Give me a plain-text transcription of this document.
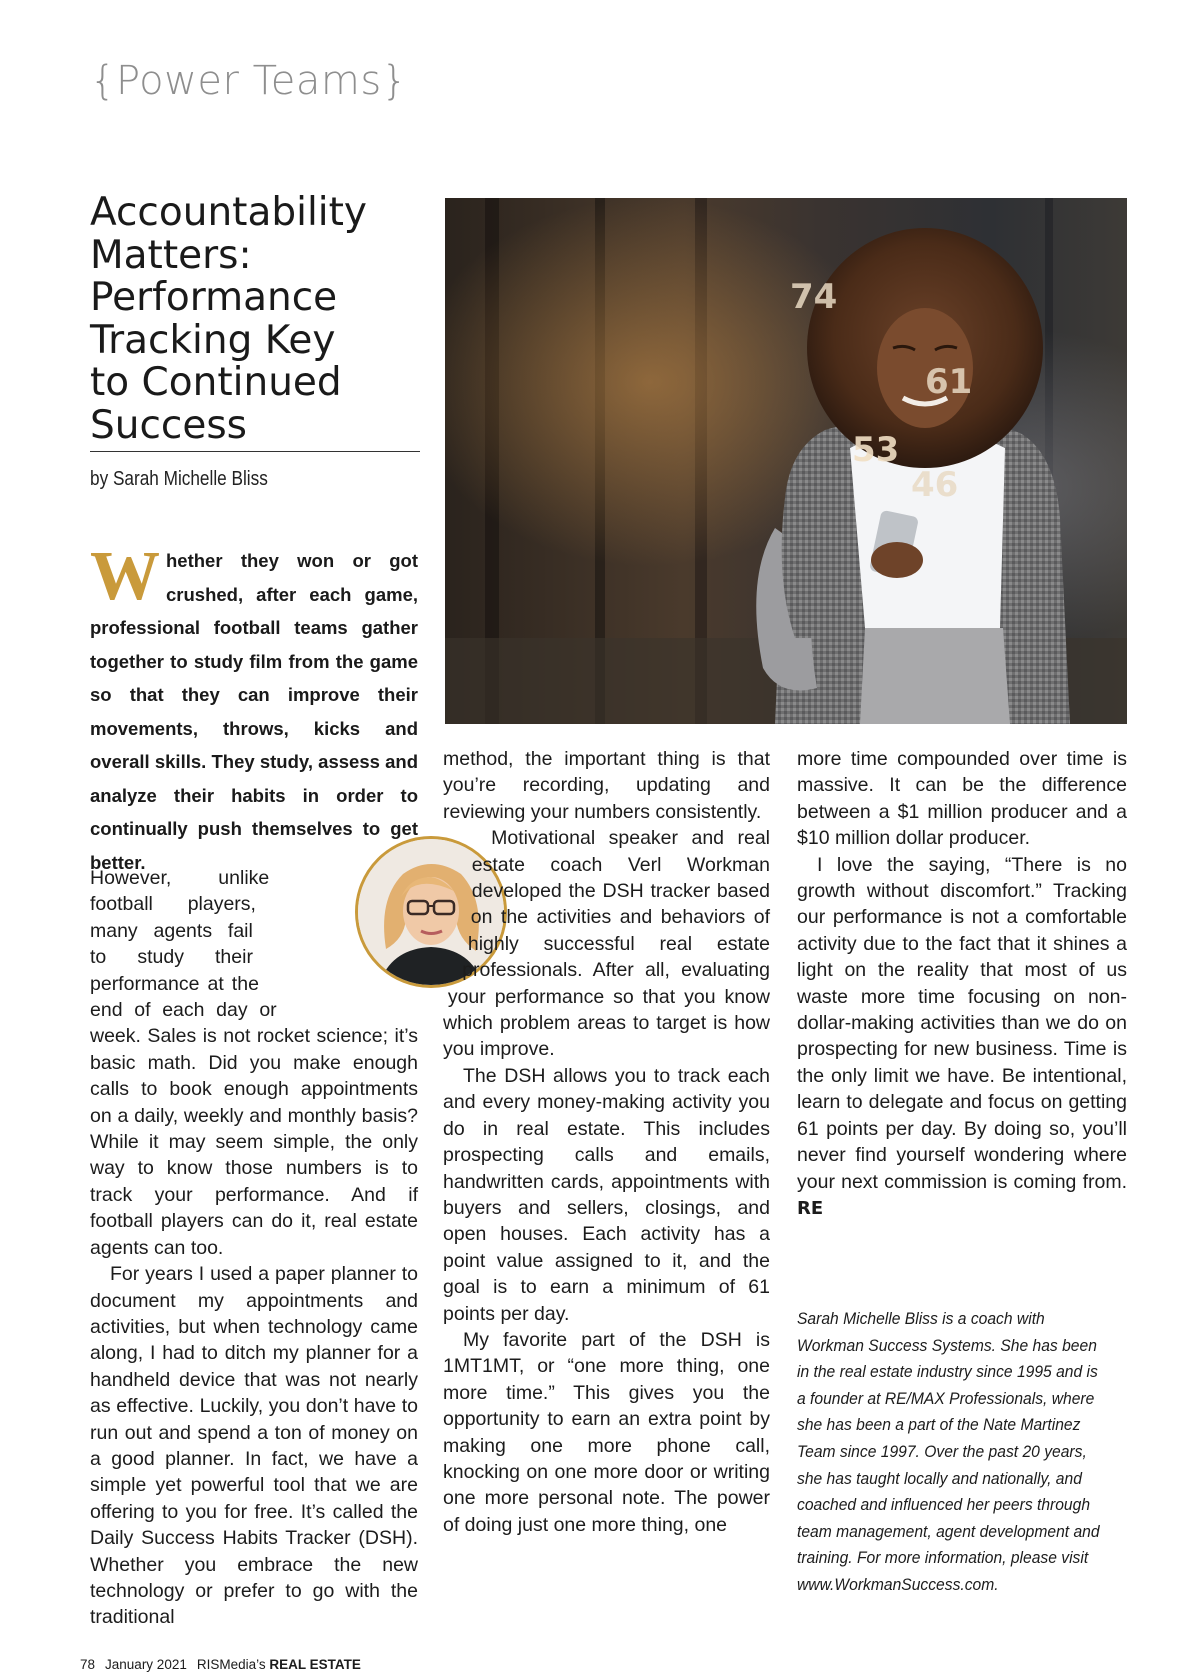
{Power Teams}
Accountability
Matters:
Performance
Tracking Key
to Continued
Success
by Sarah Michelle Bliss

Whether they won or got crushed, after each game, professional football teams gather together to study film from the game so that they can improve their movements, throws, kicks and overall skills. They study, assess and analyze their habits in order to continually push themselves to get better.

74
61
53
46

However, unlike football players, many agents fail to study their performance at the end of each day or week. Sales is not rocket science; it’s basic math. Did you make enough calls to book enough appointments on a daily, weekly and monthly basis? While it may seem simple, the only way to know those numbers is to track your performance. And if football players can do it, real estate agents can too.

For years I used a paper planner to document my appointments and activities, but when technology came along, I had to ditch my planner for a handheld device that was not nearly as effective. Luckily, you don’t have to run out and spend a ton of money on a good planner. In fact, we have a simple yet powerful tool that we are offering to you for free. It’s called the Daily Success Habits Tracker (DSH). Whether you embrace the new technology or prefer to go with the traditional

method, the important thing is that you’re recording, updating and reviewing your numbers consistently.

Motivational speaker and real estate coach Verl Workman developed the DSH tracker based on the activities and behaviors of highly successful real estate professionals. After all, evaluating your performance so that you know which problem areas to target is how you improve.

The DSH allows you to track each and every money-making activity you do in real estate. This includes prospecting calls and emails, handwritten cards, appointments with buyers and sellers, closings, and open houses. Each activity has a point value assigned to it, and the goal is to earn a minimum of 61 points per day.

My favorite part of the DSH is 1MT1MT, or “one more thing, one more time.” This gives you the opportunity to earn an extra point by making one more phone call, knocking on one more door or writing one more personal note. The power of doing just one more thing, one

more time compounded over time is massive. It can be the difference between a $1 million producer and a $10 million dollar producer.

I love the saying, “There is no growth without discomfort.” Tracking our performance is not a comfortable activity due to the fact that it shines a light on the reality that most of us waste more time focusing on non-dollar-making activities than we do on prospecting for new business. Time is the only limit we have. Be intentional, learn to delegate and focus on getting 61 points per day. By doing so, you’ll never find yourself wondering where your next commission is coming from. RE

Sarah Michelle Bliss is a coach with Workman Success Systems. She has been in the real estate industry since 1995 and is a founder at RE/MAX Professionals, where she has been a part of the Nate Martinez Team since 1997. Over the past 20 years, she has taught locally and nationally, and coached and influenced her peers through team management, agent development and training. For more information, please visit www.WorkmanSuccess.com.

78 January 2021 RISMedia’s REAL ESTATE
